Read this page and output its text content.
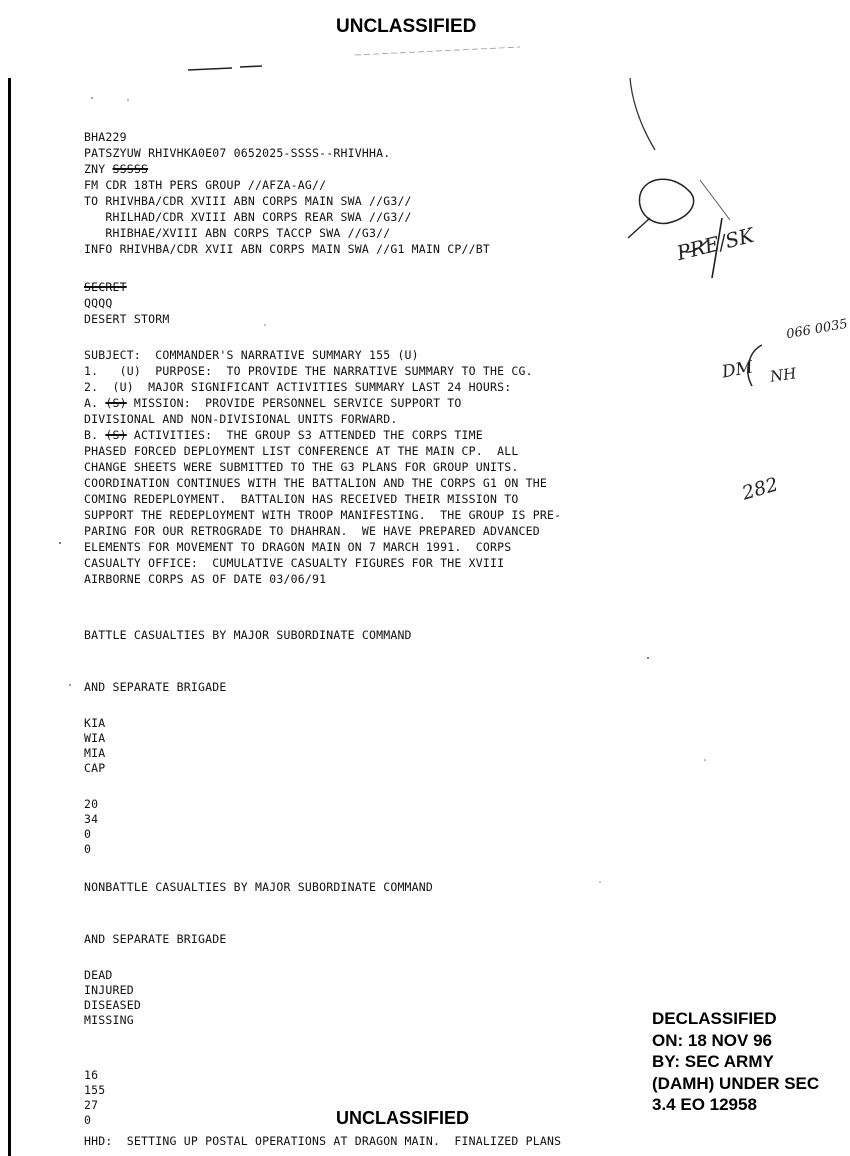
UNCLASSIFIED
PRE/SK
066 0035
DM NH
282
BHA229
PATSZYUW RHIVHKA0E07 0652025-SSSS--RHIVHHA.
ZNY SSSSS
FM CDR 18TH PERS GROUP //AFZA-AG//
TO RHIVHBA/CDR XVIII ABN CORPS MAIN SWA //G3//
RHILHAD/CDR XVIII ABN CORPS REAR SWA //G3//
RHIBHAE/XVIII ABN CORPS TACCP SWA //G3//
INFO RHIVHBA/CDR XVII ABN CORPS MAIN SWA //G1 MAIN CP//BT
SECRET
QQQQ
DESERT STORM
SUBJECT:  COMMANDER'S NARRATIVE SUMMARY 155 (U)
1.   (U)  PURPOSE:  TO PROVIDE THE NARRATIVE SUMMARY TO THE CG.
2.  (U)  MAJOR SIGNIFICANT ACTIVITIES SUMMARY LAST 24 HOURS:
A. (S) MISSION:  PROVIDE PERSONNEL SERVICE SUPPORT TO
DIVISIONAL AND NON-DIVISIONAL UNITS FORWARD.
B. (S) ACTIVITIES:  THE GROUP S3 ATTENDED THE CORPS TIME
PHASED FORCED DEPLOYMENT LIST CONFERENCE AT THE MAIN CP.  ALL
CHANGE SHEETS WERE SUBMITTED TO THE G3 PLANS FOR GROUP UNITS.
COORDINATION CONTINUES WITH THE BATTALION AND THE CORPS G1 ON THE
COMING REDEPLOYMENT.  BATTALION HAS RECEIVED THEIR MISSION TO
SUPPORT THE REDEPLOYMENT WITH TROOP MANIFESTING.  THE GROUP IS PRE-
PARING FOR OUR RETROGRADE TO DHAHRAN.  WE HAVE PREPARED ADVANCED
ELEMENTS FOR MOVEMENT TO DRAGON MAIN ON 7 MARCH 1991.  CORPS
CASUALTY OFFICE:  CUMULATIVE CASUALTY FIGURES FOR THE XVIII
AIRBORNE CORPS AS OF DATE 03/06/91
BATTLE CASUALTIES BY MAJOR SUBORDINATE COMMAND
AND SEPARATE BRIGADE
KIA
WIA
MIA
CAP
20
34
0
0
NONBATTLE CASUALTIES BY MAJOR SUBORDINATE COMMAND
AND SEPARATE BRIGADE
DEAD
INJURED
DISEASED
MISSING
16
155
27
0
HHD:  SETTING UP POSTAL OPERATIONS AT DRAGON MAIN.  FINALIZED PLANS
DECLASSIFIED
ON: 18 NOV 96
BY: SEC ARMY
(DAMH) UNDER SEC
3.4 EO 12958
UNCLASSIFIED
